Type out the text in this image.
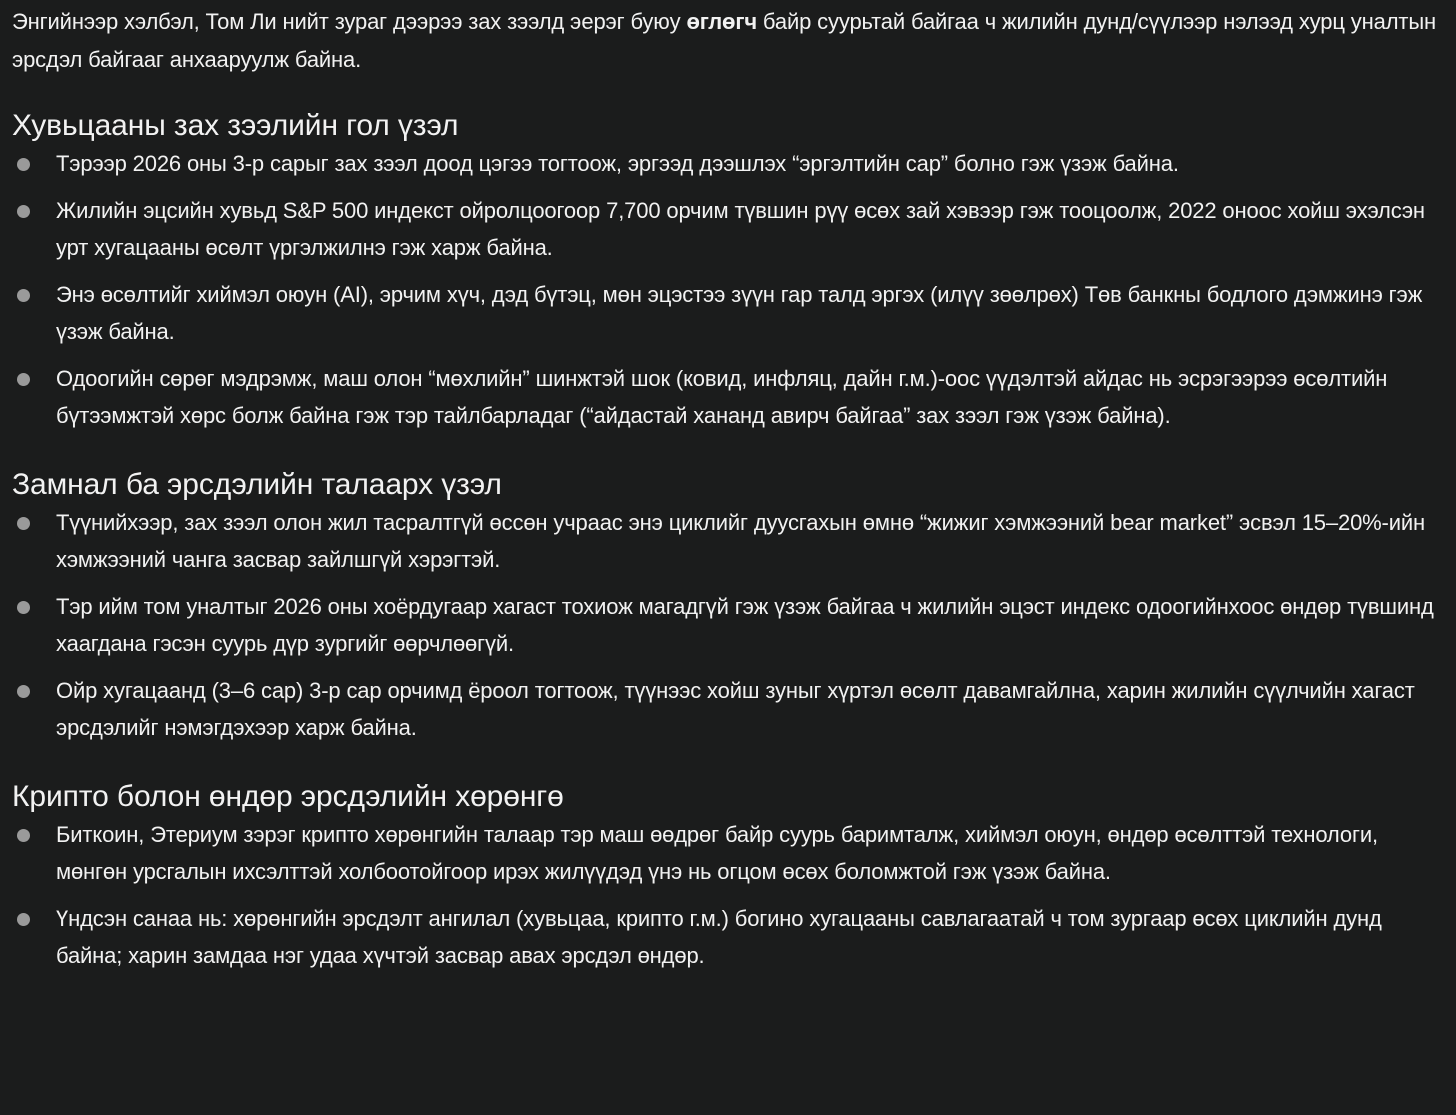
Энгийнээр хэлбэл, Том Ли нийт зураг дээрээ зах зээлд эерэг буюу өглөгч байр суурьтай байгаа ч жилийн дунд/сүүлээр нэлээд хурц уналтын эрсдэл байгааг анхааруулж байна.

Хувьцааны зах зээлийн гол үзэл
Тэрээр 2026 оны 3-р сарыг зах зээл доод цэгээ тогтоож, эргээд дээшлэх “эргэлтийн сар” болно гэж үзэж байна.
Жилийн эцсийн хувьд S&P 500 индекст ойролцоогоор 7,700 орчим түвшин рүү өсөх зай хэвээр гэж тооцоолж, 2022 оноос хойш эхэлсэн урт хугацааны өсөлт үргэлжилнэ гэж харж байна.
Энэ өсөлтийг хиймэл оюун (AI), эрчим хүч, дэд бүтэц, мөн эцэстээ зүүн гар талд эргэх (илүү зөөлрөх) Төв банкны бодлого дэмжинэ гэж үзэж байна.
Одоогийн сөрөг мэдрэмж, маш олон “мөхлийн” шинжтэй шок (ковид, инфляц, дайн г.м.)-оос үүдэлтэй айдас нь эсрэгээрээ өсөлтийн бүтээмжтэй хөрс болж байна гэж тэр тайлбарладаг (“айдастай хананд авирч байгаа” зах зээл гэж үзэж байна).
Замнал ба эрсдэлийн талаарх үзэл
Түүнийхээр, зах зээл олон жил тасралтгүй өссөн учраас энэ циклийг дуусгахын өмнө “жижиг хэмжээний bear market” эсвэл 15–20%-ийн хэмжээний чанга засвар зайлшгүй хэрэгтэй.
Тэр ийм том уналтыг 2026 оны хоёрдугаар хагаст тохиож магадгүй гэж үзэж байгаа ч жилийн эцэст индекс одоогийнхоос өндөр түвшинд хаагдана гэсэн суурь дүр зургийг өөрчлөөгүй.
Ойр хугацаанд (3–6 сар) 3-р сар орчимд ёроол тогтоож, түүнээс хойш зуныг хүртэл өсөлт давамгайлна, харин жилийн сүүлчийн хагаст эрсдэлийг нэмэгдэхээр харж байна.
Крипто болон өндөр эрсдэлийн хөрөнгө
Биткоин, Этериум зэрэг крипто хөрөнгийн талаар тэр маш өөдрөг байр суурь баримталж, хиймэл оюун, өндөр өсөлттэй технологи, мөнгөн урсгалын ихсэлттэй холбоотойгоор ирэх жилүүдэд үнэ нь огцом өсөх боломжтой гэж үзэж байна.
Үндсэн санаа нь: хөрөнгийн эрсдэлт ангилал (хувьцаа, крипто г.м.) богино хугацааны савлагаатай ч том зургаар өсөх циклийн дунд байна; харин замдаа нэг удаа хүчтэй засвар авах эрсдэл өндөр.
